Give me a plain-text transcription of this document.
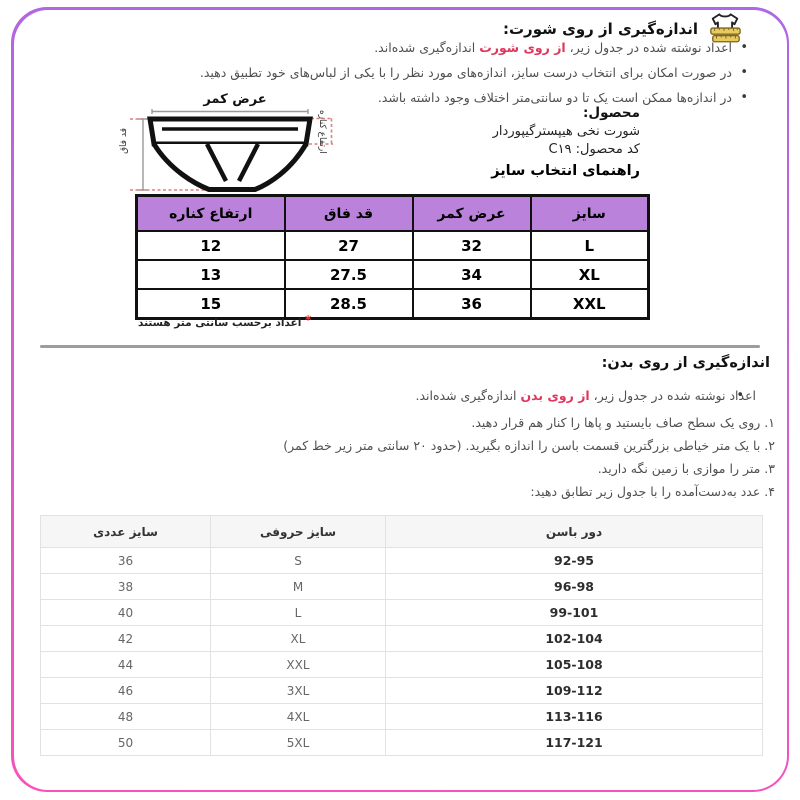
اندازه‌گیری از روی شورت:
• اعداد نوشته شده در جدول زیر، از روی شورت اندازه‌گیری شده‌اند.
• در صورت امکان برای انتخاب درست سایز، اندازه‌های مورد نظر را با یکی از لباس‌های خود تطبیق دهید.
• در اندازه‌ها ممکن است یک تا دو سانتی‌متر اختلاف وجود داشته باشد.
عرض کمر
قد فاق	ارتفاع کناره	محصول:
شورت نخی هیپسترگیپوردار
کد محصول: C۱۹
راهنمای انتخاب سایز
سایز	عرض کمر	قد فاق	ارتفاع کناره
L	32	27	12
XL	34	27.5	13
XXL	36	28.5	15
* اعداد برحسب سانتی متر هستند
اندازه‌گیری از روی بدن:
• اعداد نوشته شده در جدول زیر، از روی بدن اندازه‌گیری شده‌اند.
۱. روی یک سطح صاف بایستید و پاها را کنار هم قرار دهید.
۲. با یک متر خیاطی بزرگترین قسمت باسن را اندازه بگیرید. (حدود ۲۰ سانتی متر زیر خط کمر)
۳. متر را موازی با زمین نگه دارید.
۴. عدد به‌دست‌آمده را با جدول زیر تطابق دهید:
دور باسن	سایز حروفی	سایز عددی
92-95	S	36
96-98	M	38
99-101	L	40
102-104	XL	42
105-108	XXL	44
109-112	3XL	46
113-116	4XL	48
117-121	5XL	50
